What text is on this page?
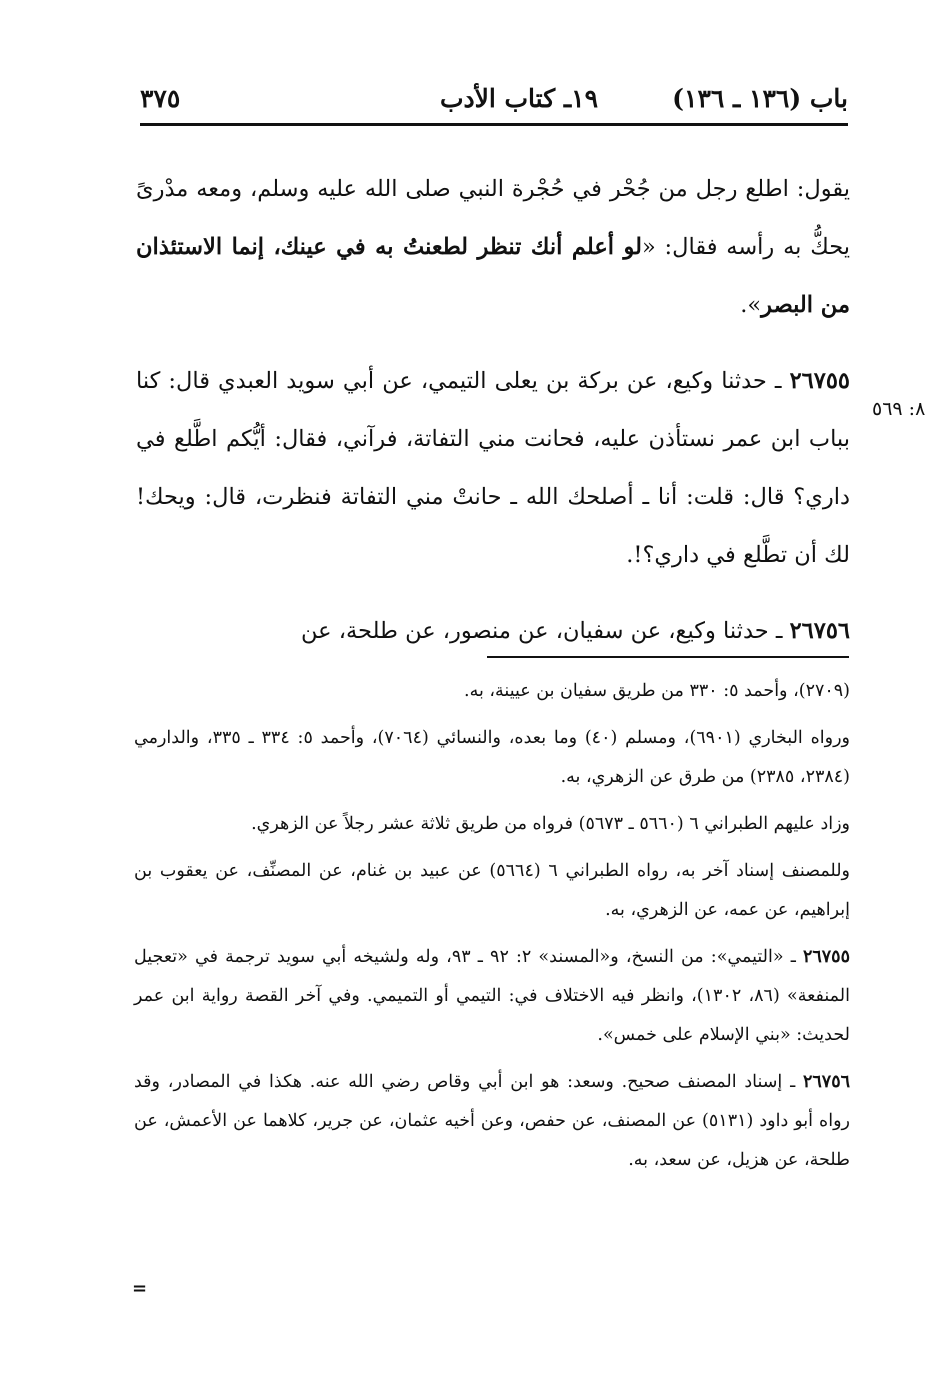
باب (١٣٦ ـ ١٣٦)
١٩ـ كتاب الأدب
٣٧٥

يقول: اطلع رجل من جُحْر في حُجْرة النبي صلى الله عليه وسلم، ومعه مدْرىً يحكُّ به رأسه فقال: «لو أعلم أنك تنظر لطعنتُ به في عينك، إنما الاستئذان من البصر».

٢٦٧٥٥ ـ حدثنا وكيع، عن بركة بن يعلى التيمي، عن أبي سويد العبدي قال: كنا بباب ابن عمر نستأذن عليه، فحانت مني التفاتة، فرآني، فقال: أيُّكم اطَّلع في داري؟ قال: قلت: أنا ـ أصلحك الله ـ حانتْ مني التفاتة فنظرت، قال: ويحك! لك أن تطَّلع في داري؟!.

٢٦٧٥٦ ـ حدثنا وكيع، عن سفيان، عن منصور، عن طلحة، عن

٨: ٥٦٩

(٢٧٠٩)، وأحمد ٥: ٣٣٠ من طريق سفيان بن عيينة، به.

ورواه البخاري (٦٩٠١)، ومسلم (٤٠) وما بعده، والنسائي (٧٠٦٤)، وأحمد ٥: ٣٣٤ ـ ٣٣٥، والدارمي (٢٣٨٤، ٢٣٨٥) من طرق عن الزهري، به.

وزاد عليهم الطبراني ٦ (٥٦٦٠ ـ ٥٦٧٣) فرواه من طريق ثلاثة عشر رجلاً عن الزهري.

وللمصنف إسناد آخر به، رواه الطبراني ٦ (٥٦٦٤) عن عبيد بن غنام، عن المصنِّف، عن يعقوب بن إبراهيم، عن عمه، عن الزهري، به.

٢٦٧٥٥ ـ «التيمي»: من النسخ، و«المسند» ٢: ٩٢ ـ ٩٣، وله ولشيخه أبي سويد ترجمة في «تعجيل المنفعة» (٨٦، ١٣٠٢)، وانظر فيه الاختلاف في: التيمي أو التميمي. وفي آخر القصة رواية ابن عمر لحديث: «بني الإسلام على خمس».

٢٦٧٥٦ ـ إسناد المصنف صحيح. وسعد: هو ابن أبي وقاص رضي الله عنه. هكذا في المصادر، وقد رواه أبو داود (٥١٣١) عن المصنف، عن حفص، وعن أخيه عثمان، عن جرير، كلاهما عن الأعمش، عن طلحة، عن هزيل، عن سعد، به.

=
